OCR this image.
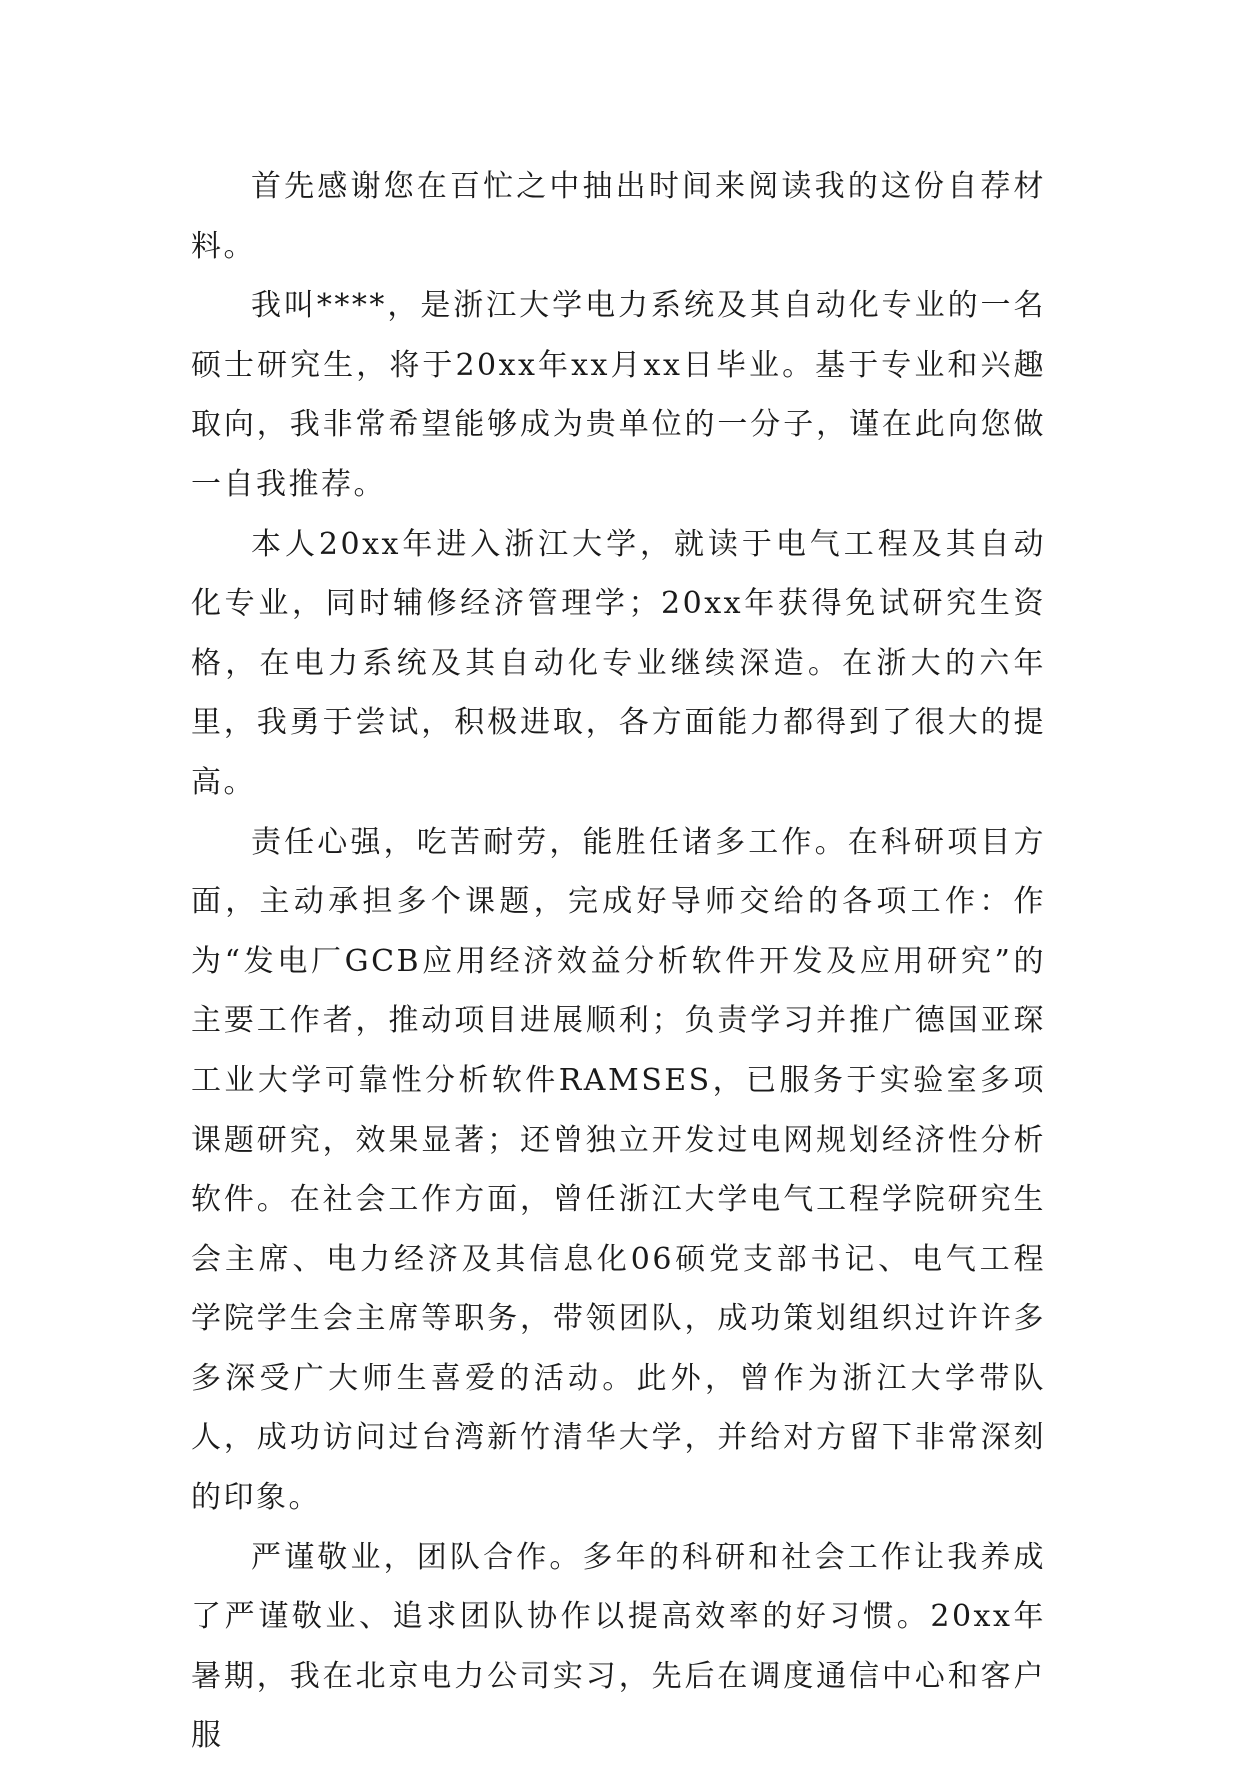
首先感谢您在百忙之中抽出时间来阅读我的这份自荐材料。

我叫****，是浙江大学电力系统及其自动化专业的一名硕士研究生，将于20xx年xx月xx日毕业。基于专业和兴趣取向，我非常希望能够成为贵单位的一分子，谨在此向您做一自我推荐。

本人20xx年进入浙江大学，就读于电气工程及其自动化专业，同时辅修经济管理学；20xx年获得免试研究生资格，在电力系统及其自动化专业继续深造。在浙大的六年里，我勇于尝试，积极进取，各方面能力都得到了很大的提高。

责任心强，吃苦耐劳，能胜任诸多工作。在科研项目方面，主动承担多个课题，完成好导师交给的各项工作：作为“发电厂GCB应用经济效益分析软件开发及应用研究”的主要工作者，推动项目进展顺利；负责学习并推广德国亚琛工业大学可靠性分析软件RAMSES，已服务于实验室多项课题研究，效果显著；还曾独立开发过电网规划经济性分析软件。在社会工作方面，曾任浙江大学电气工程学院研究生会主席、电力经济及其信息化06硕党支部书记、电气工程学院学生会主席等职务，带领团队，成功策划组织过许许多多深受广大师生喜爱的活动。此外，曾作为浙江大学带队人，成功访问过台湾新竹清华大学，并给对方留下非常深刻的印象。

严谨敬业，团队合作。多年的科研和社会工作让我养成了严谨敬业、追求团队协作以提高效率的好习惯。20xx年暑期，我在北京电力公司实习，先后在调度通信中心和客户服
